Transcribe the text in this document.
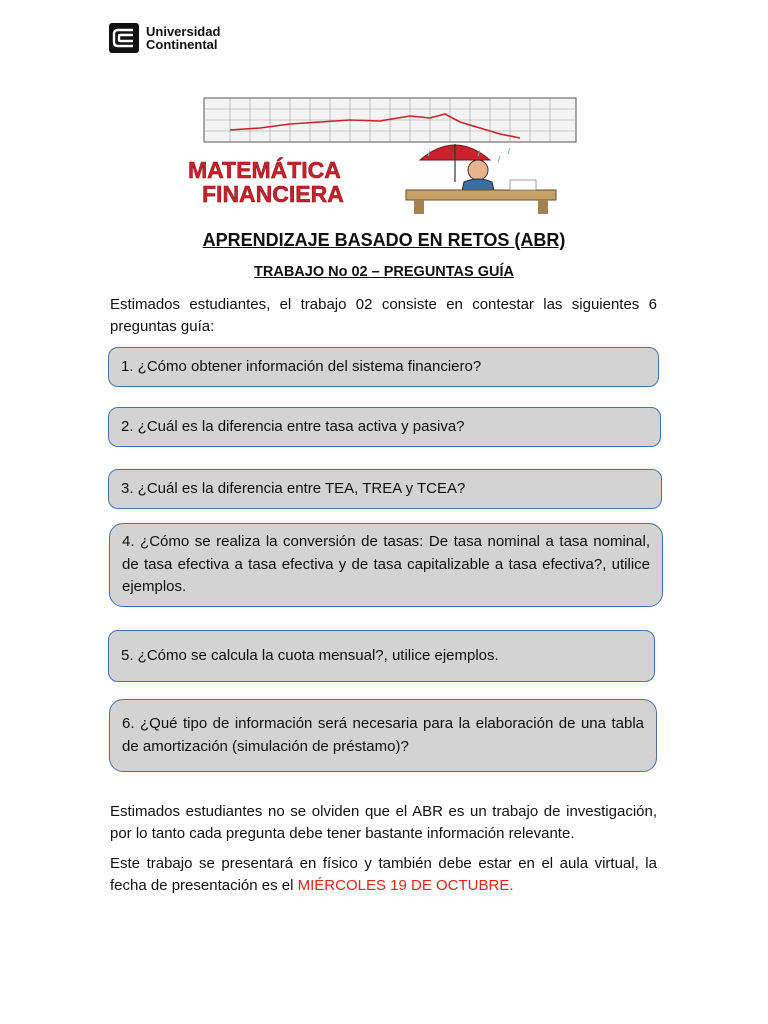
Universidad
Continental
MATEMÁTICA
FINANCIERA
APRENDIZAJE BASADO EN RETOS (ABR)
TRABAJO No 02 – PREGUNTAS GUÍA
Estimados estudiantes, el trabajo 02 consiste en contestar las siguientes 6 preguntas guía:
1. ¿Cómo obtener información del sistema financiero?
2. ¿Cuál es la diferencia entre tasa activa y pasiva?
3. ¿Cuál es la diferencia entre TEA, TREA y TCEA?
4. ¿Cómo se realiza la conversión de tasas: De tasa nominal a tasa nominal, de tasa efectiva a tasa efectiva y de tasa capitalizable a tasa efectiva?, utilice ejemplos.
5. ¿Cómo se calcula la cuota mensual?, utilice ejemplos.
6. ¿Qué tipo de información será necesaria para la elaboración de una tabla de amortización (simulación de préstamo)?
Estimados estudiantes no se olviden que el ABR es un trabajo de investigación, por lo tanto cada pregunta debe tener bastante información relevante.
Este trabajo se presentará en físico y también debe estar en el aula virtual, la fecha de presentación es el MIÉRCOLES 19 DE OCTUBRE.
